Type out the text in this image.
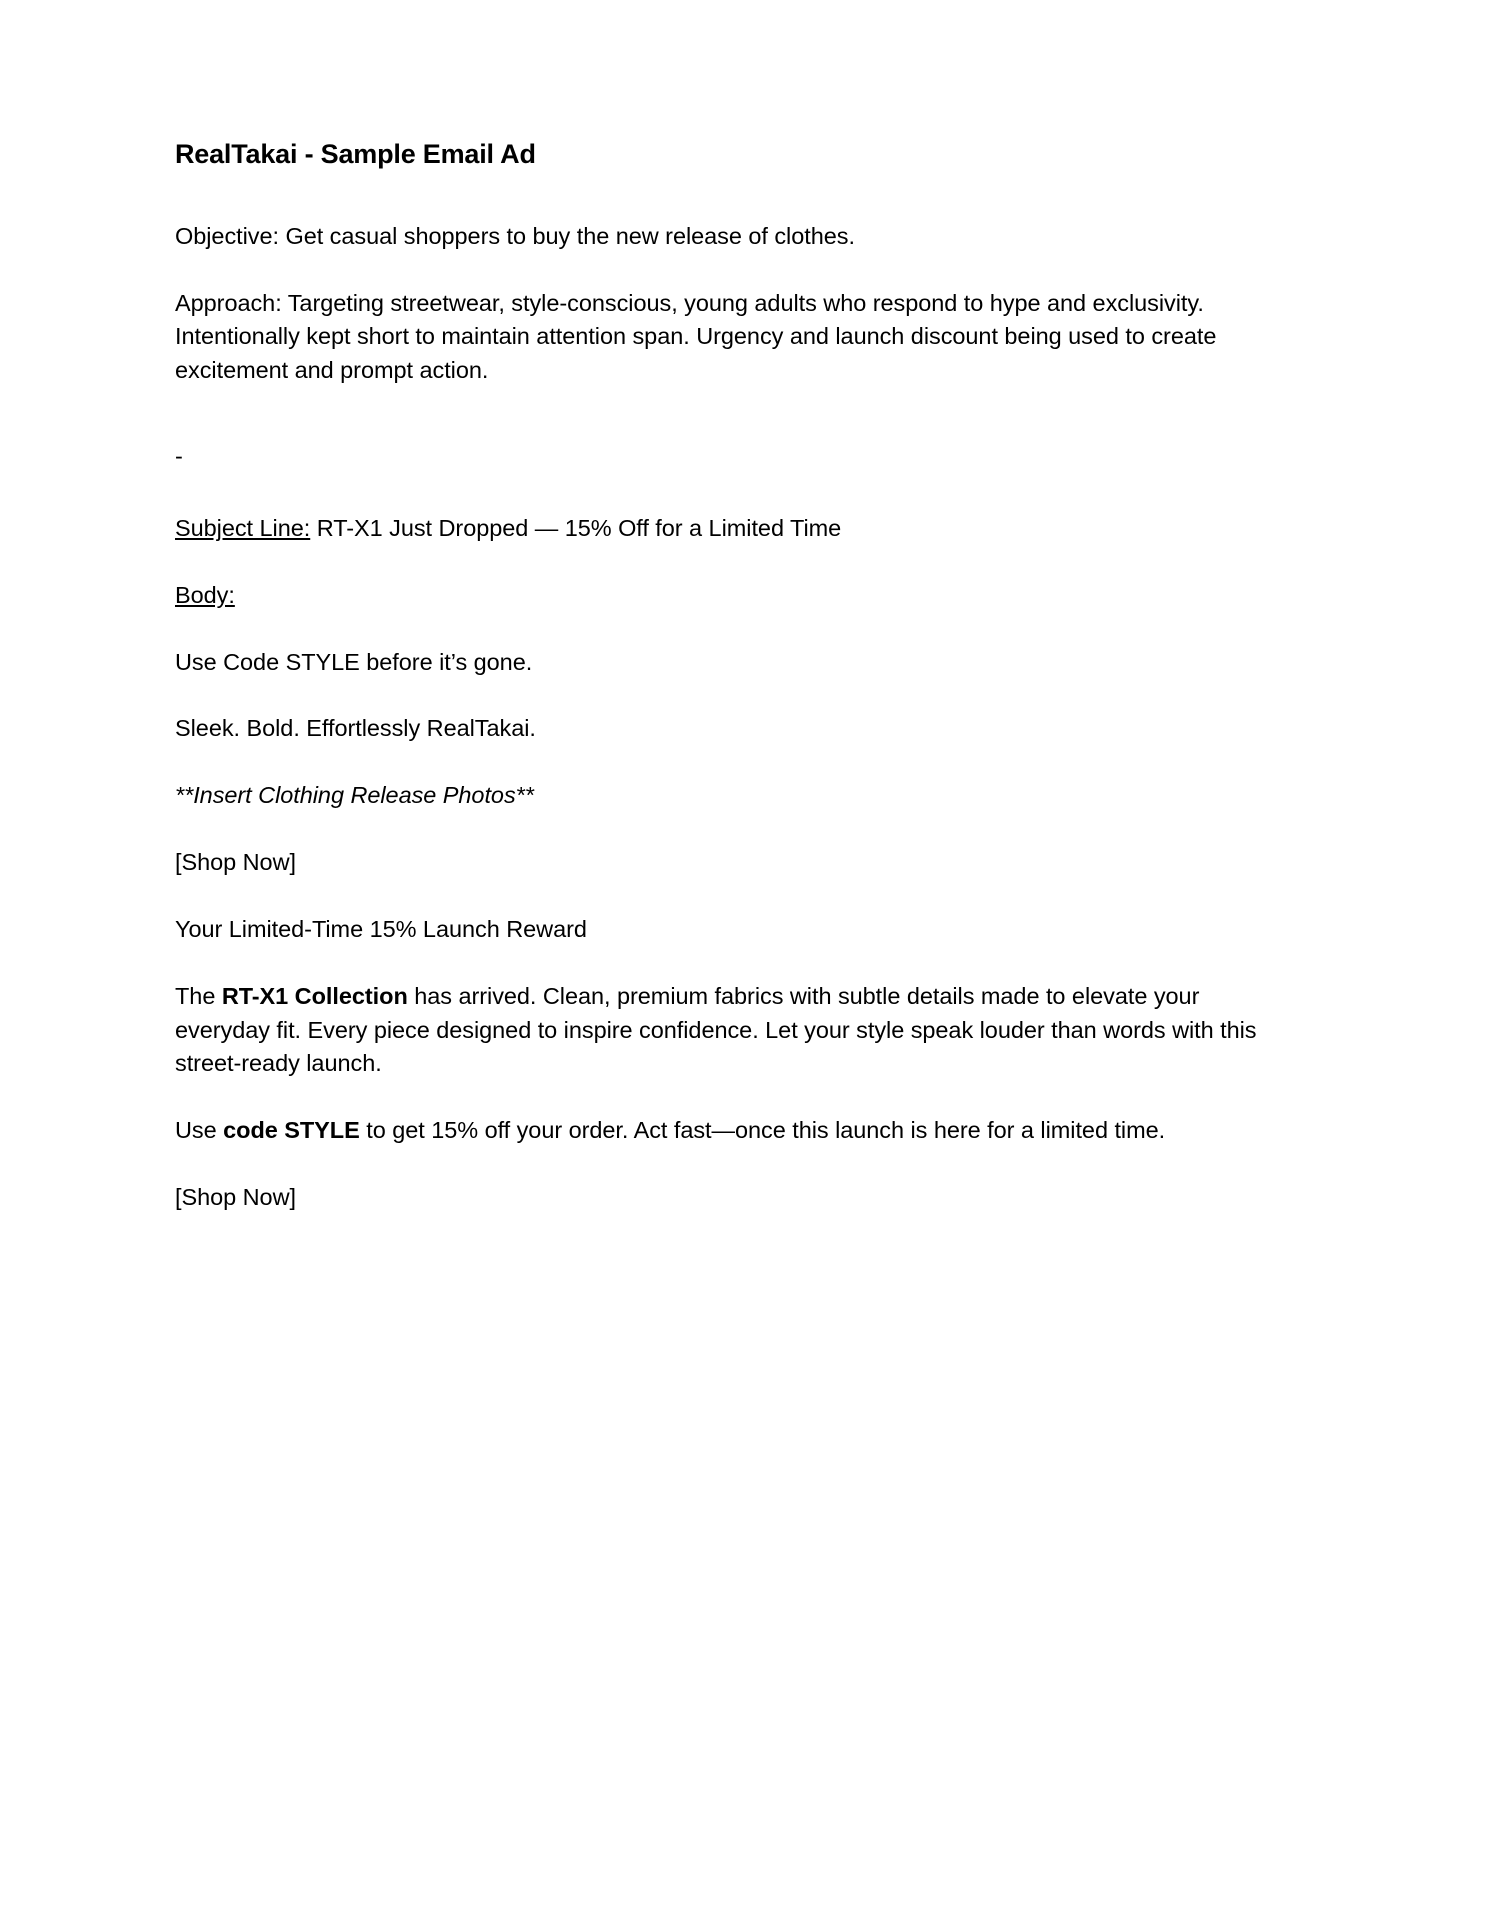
RealTakai - Sample Email Ad

Objective: Get casual shoppers to buy the new release of clothes.

Approach: Targeting streetwear, style-conscious, young adults who respond to hype and exclusivity. Intentionally kept short to maintain attention span. Urgency and launch discount being used to create excitement and prompt action.

-

Subject Line: RT-X1 Just Dropped — 15% Off for a Limited Time

Body:

Use Code STYLE before it’s gone.

Sleek. Bold. Effortlessly RealTakai.

**Insert Clothing Release Photos**

[Shop Now]

Your Limited-Time 15% Launch Reward

The RT-X1 Collection has arrived. Clean, premium fabrics with subtle details made to elevate your everyday fit. Every piece designed to inspire confidence. Let your style speak louder than words with this street-ready launch.

Use code STYLE to get 15% off your order. Act fast—once this launch is here for a limited time.

[Shop Now]
